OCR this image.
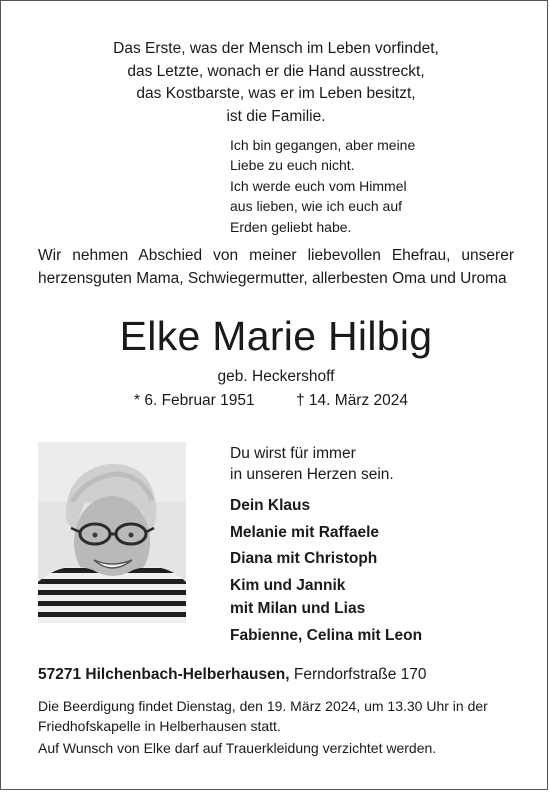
Das Erste, was der Mensch im Leben vorfindet,
das Letzte, wonach er die Hand ausstreckt,
das Kostbarste, was er im Leben besitzt,
ist die Familie.
Ich bin gegangen, aber meine
Liebe zu euch nicht.
Ich werde euch vom Himmel
aus lieben, wie ich euch auf
Erden geliebt habe.
Wir nehmen Abschied von meiner liebevollen Ehefrau, unserer herzensguten Mama, Schwiegermutter, allerbesten Oma und Uroma
Elke Marie Hilbig
geb. Heckershoff
* 6. Februar 1951	† 14. März 2024
Du wirst für immer
in unseren Herzen sein.
Dein Klaus
Melanie mit Raffaele
Diana mit Christoph
Kim und Jannik
mit Milan und Lias
Fabienne, Celina mit Leon
57271 Hilchenbach-Helberhausen, Ferndorfstraße 170
Die Beerdigung findet Dienstag, den 19. März 2024, um 13.30 Uhr in der Friedhofskapelle in Helberhausen statt.
Auf Wunsch von Elke darf auf Trauerkleidung verzichtet werden.
